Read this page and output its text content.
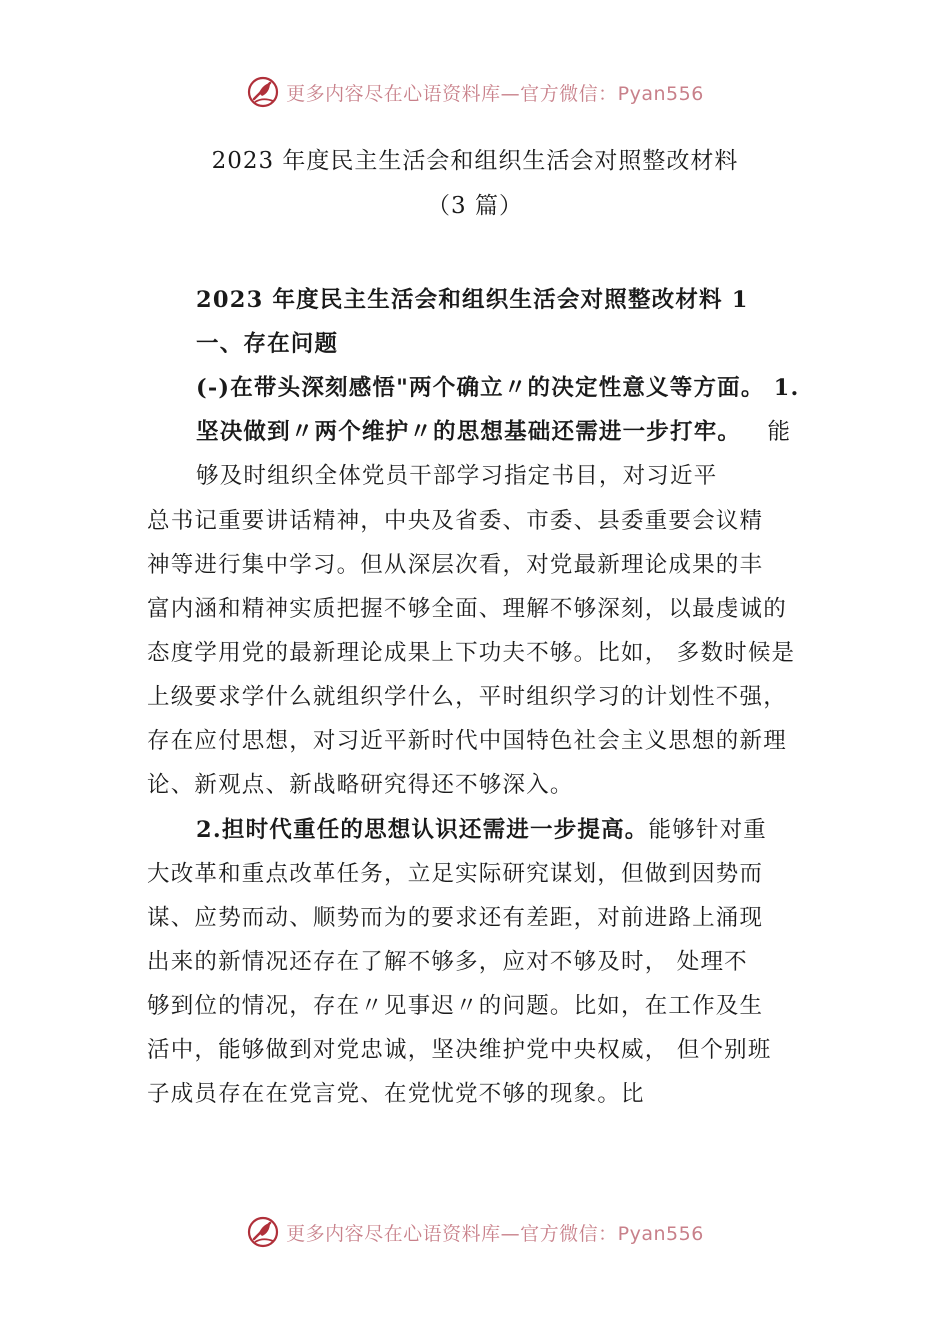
更多内容尽在心语资料库—官方微信：Pyan556
2023 年度民主生活会和组织生活会对照整改材料
（3 篇）
2023 年度民主生活会和组织生活会对照整改材料 1
一、存在问题
(-)在带头深刻感悟"两个确立〃的决定性意义等方面。 1.
坚决做到〃两个维护〃的思想基础还需进一步打牢。 能
够及时组织全体党员干部学习指定书目，对习近平
总书记重要讲话精神，中央及省委、市委、县委重要会议精
神等进行集中学习。但从深层次看，对党最新理论成果的丰
富内涵和精神实质把握不够全面、理解不够深刻，以最虔诚的
态度学用党的最新理论成果上下功夫不够。比如， 多数时候是
上级要求学什么就组织学什么，平时组织学习的计划性不强，
存在应付思想，对习近平新时代中国特色社会主义思想的新理
论、新观点、新战略研究得还不够深入。
2.担时代重任的思想认识还需进一步提高。能够针对重
大改革和重点改革任务，立足实际研究谋划，但做到因势而
谋、应势而动、顺势而为的要求还有差距，对前进路上涌现
出来的新情况还存在了解不够多，应对不够及时， 处理不
够到位的情况，存在〃见事迟〃的问题。比如，在工作及生
活中，能够做到对党忠诚，坚决维护党中央权威， 但个别班
子成员存在在党言党、在党忧党不够的现象。比
更多内容尽在心语资料库—官方微信：Pyan556
